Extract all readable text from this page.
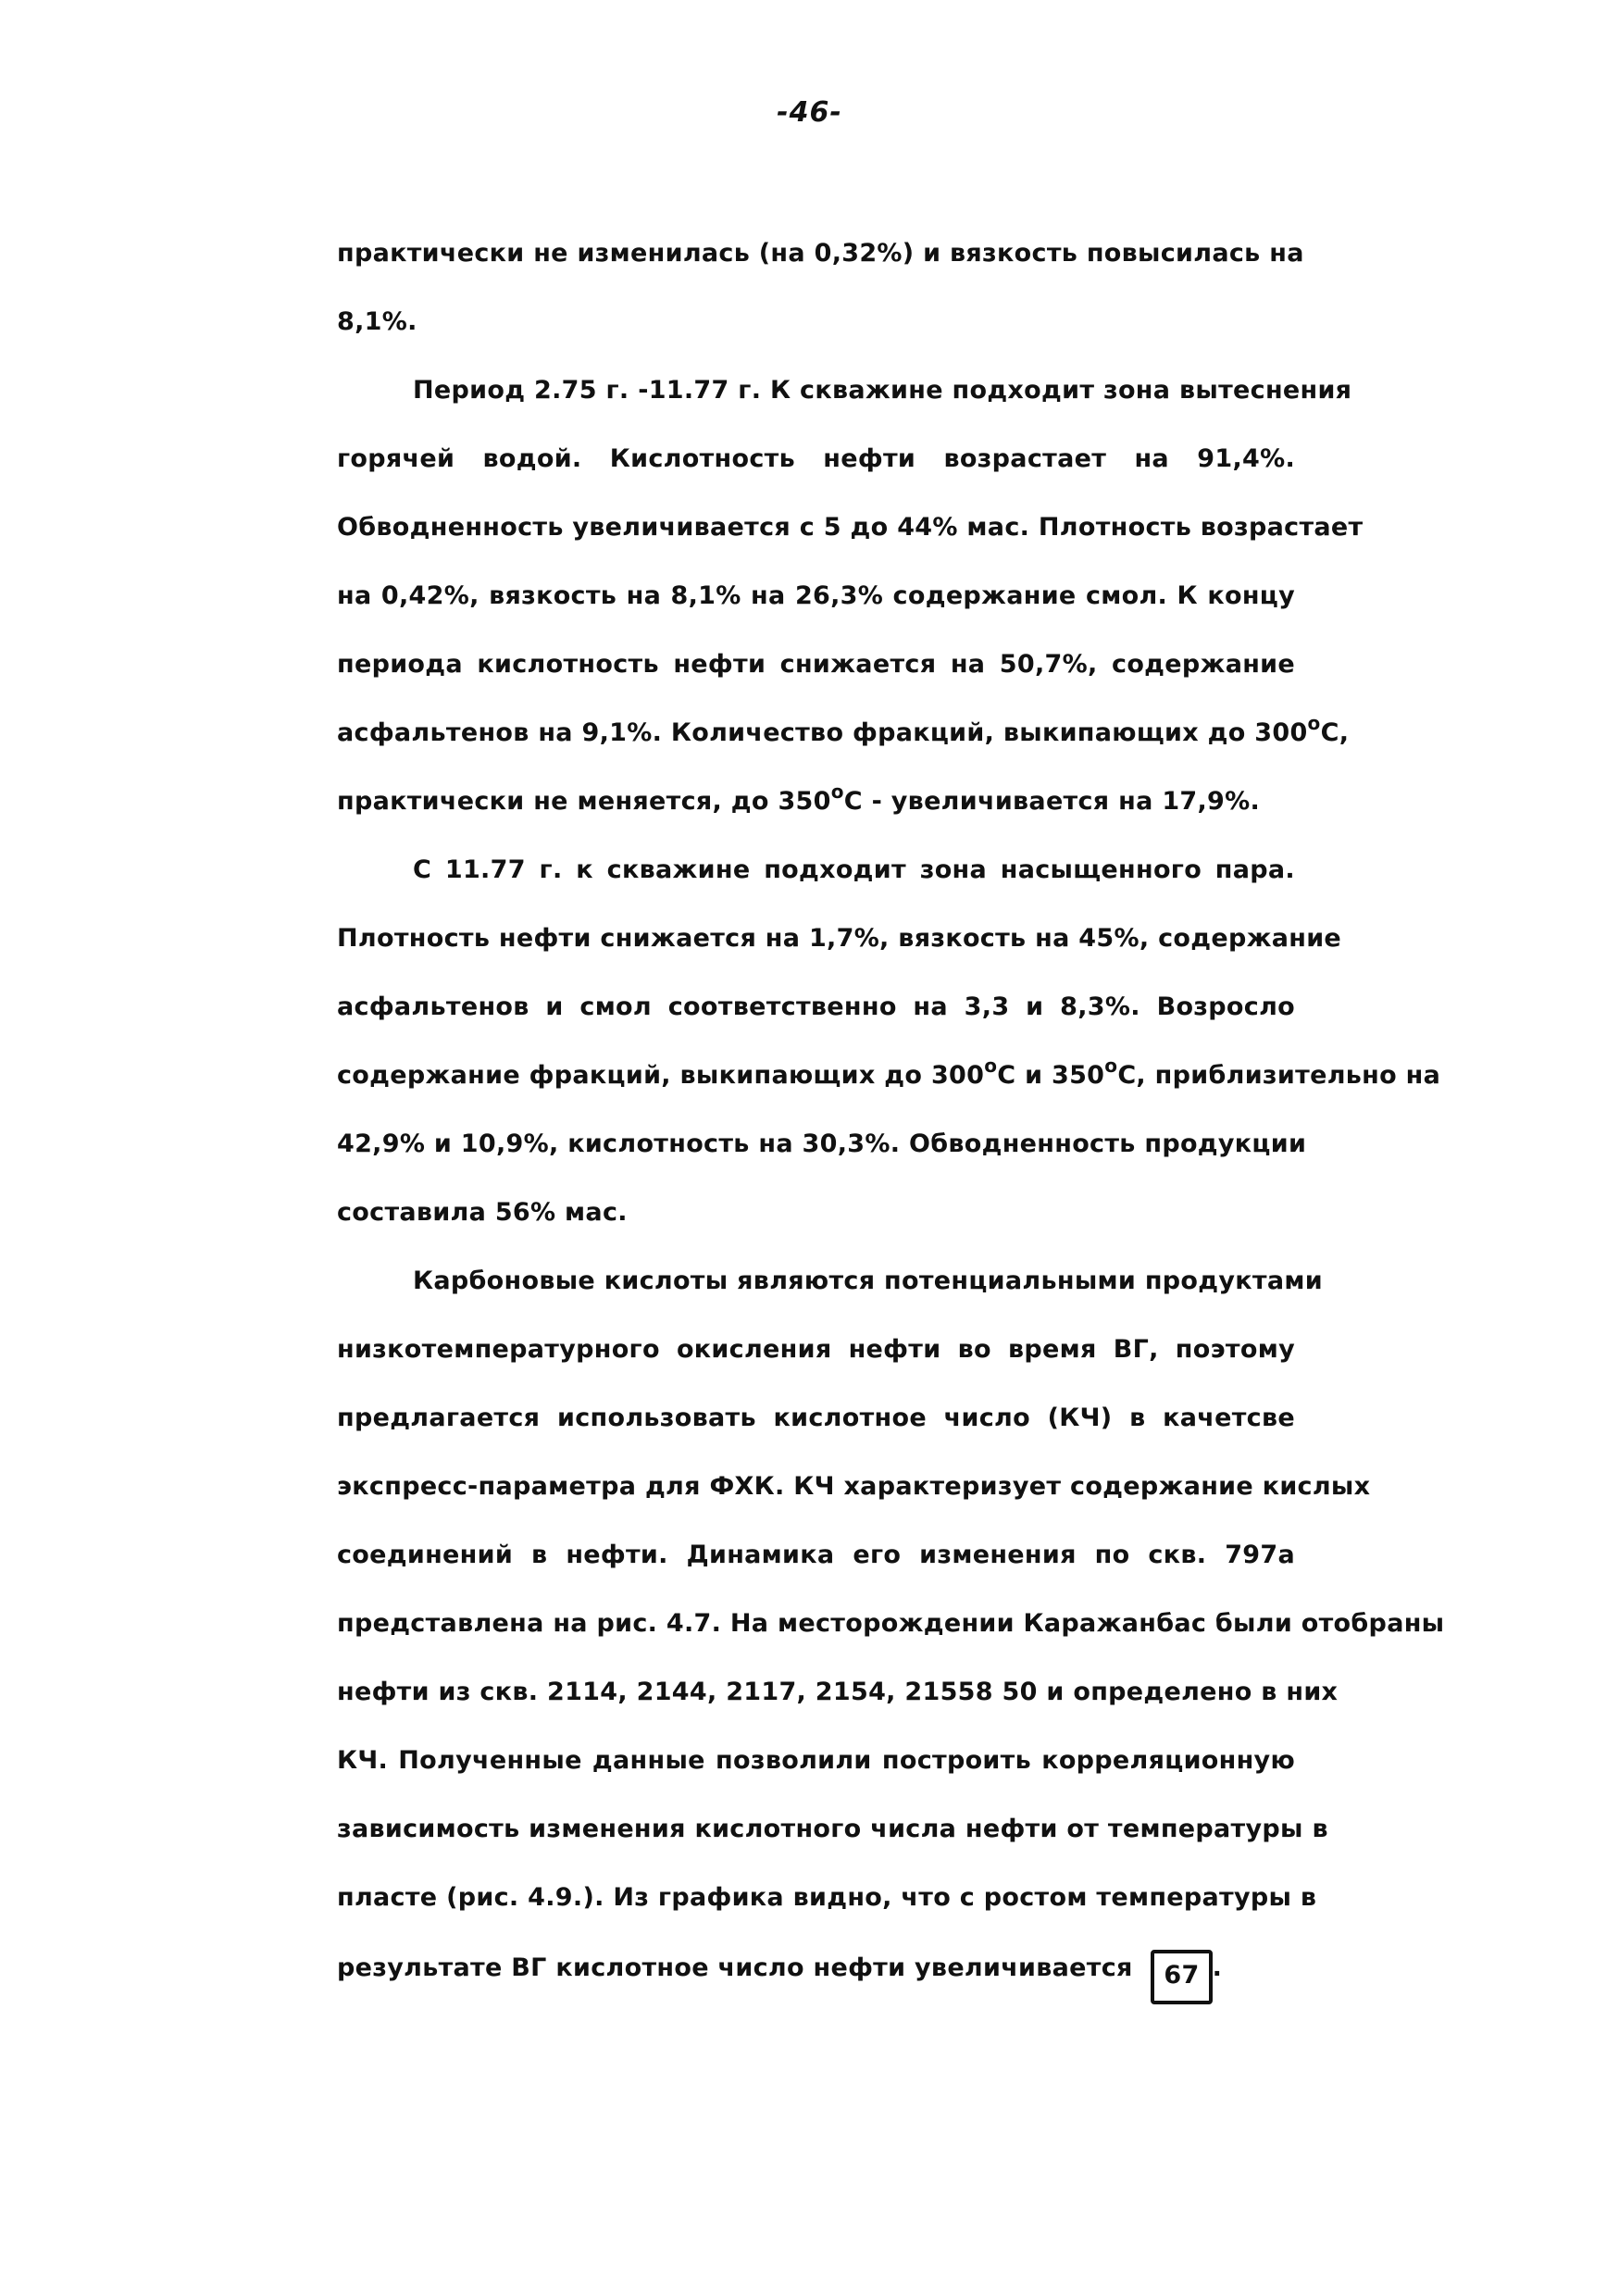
-46-
практически не изменилась (на 0,32%) и вязкость повысилась на
8,1%.
Период 2.75 г. -11.77 г. К скважине подходит зона вытеснения
горячей водой. Кислотность нефти возрастает на 91,4%.
Обводненность увеличивается с 5 до 44% мас. Плотность возрастает
на 0,42%, вязкость на 8,1% на 26,3% содержание смол. К концу
периода кислотность нефти снижается на 50,7%, содержание
асфальтенов на 9,1%. Количество фракций, выкипающих до $300^оС$,
практически не меняется, до $350^оС$ - увеличивается на 17,9%.
С 11.77 г. к скважине подходит зона насыщенного пара.
Плотность нефти снижается на 1,7%, вязкость на 45%, содержание
асфальтенов и смол соответственно на 3,3 и 8,3%. Возросло
содержание фракций, выкипающих до $300^оС$ и $350^оС$, приблизительно на
42,9% и 10,9%, кислотность на 30,3%. Обводненность продукции
составила 56% мас.
Карбоновые кислоты являются потенциальными продуктами
низкотемпературного окисления нефти во время ВГ, поэтому
предлагается использовать кислотное число (КЧ) в качетсве
экспресс-параметра для ФХК. КЧ характеризует содержание кислых
соединений в нефти. Динамика его изменения по скв. 797а
представлена на рис. 4.7. На месторождении Каражанбас были отобраны
нефти из скв. 2114, 2144, 2117, 2154, 21558 50 и определено в них
КЧ. Полученные данные позволили построить корреляционную
зависимость изменения кислотного числа нефти от температуры в
пласте (рис. 4.9.). Из графика видно, что с ростом температуры в
результате ВГ кислотное число нефти увеличивается 67 .
